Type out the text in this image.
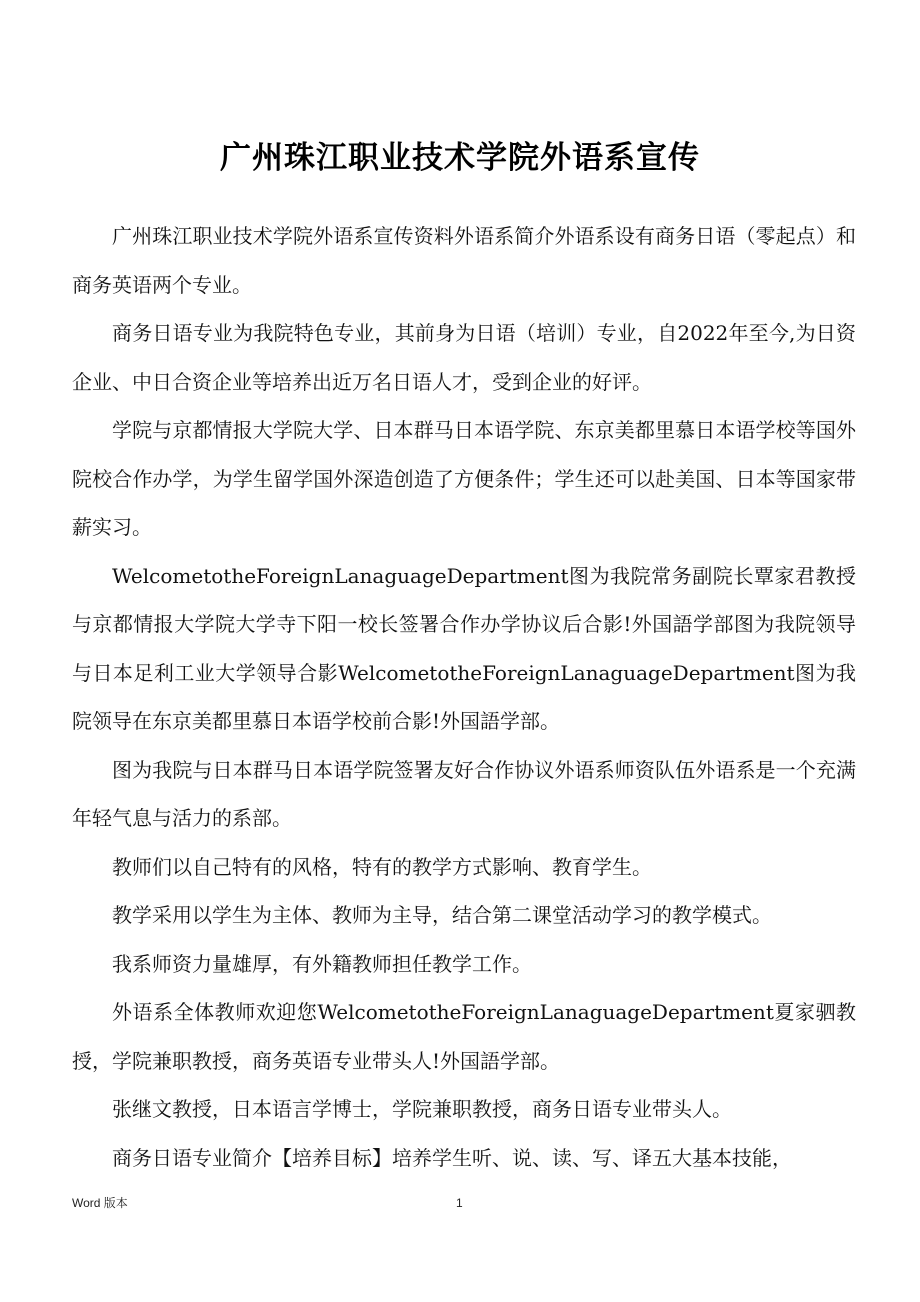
广州珠江职业技术学院外语系宣传

广州珠江职业技术学院外语系宣传资料外语系简介外语系设有商务日语（零起点）和商务英语两个专业。

商务日语专业为我院特色专业，其前身为日语（培训）专业，自2022年至今,为日资企业、中日合资企业等培养出近万名日语人才，受到企业的好评。

学院与京都情报大学院大学、日本群马日本语学院、东京美都里慕日本语学校等国外院校合作办学，为学生留学国外深造创造了方便条件；学生还可以赴美国、日本等国家带薪实习。

WelcometotheForeignLanaguageDepartment图为我院常务副院长覃家君教授与京都情报大学院大学寺下阳一校长签署合作办学协议后合影!外国語学部图为我院领导与日本足利工业大学领导合影WelcometotheForeignLanaguageDepartment图为我院领导在东京美都里慕日本语学校前合影!外国語学部。

图为我院与日本群马日本语学院签署友好合作协议外语系师资队伍外语系是一个充满年轻气息与活力的系部。

教师们以自己特有的风格，特有的教学方式影响、教育学生。

教学采用以学生为主体、教师为主导，结合第二课堂活动学习的教学模式。

我系师资力量雄厚，有外籍教师担任教学工作。

外语系全体教师欢迎您WelcometotheForeignLanaguageDepartment夏家驷教授，学院兼职教授，商务英语专业带头人!外国語学部。

张继文教授，日本语言学博士，学院兼职教授，商务日语专业带头人。

商务日语专业简介【培养目标】培养学生听、说、读、写、译五大基本技能，

Word 版本	1
